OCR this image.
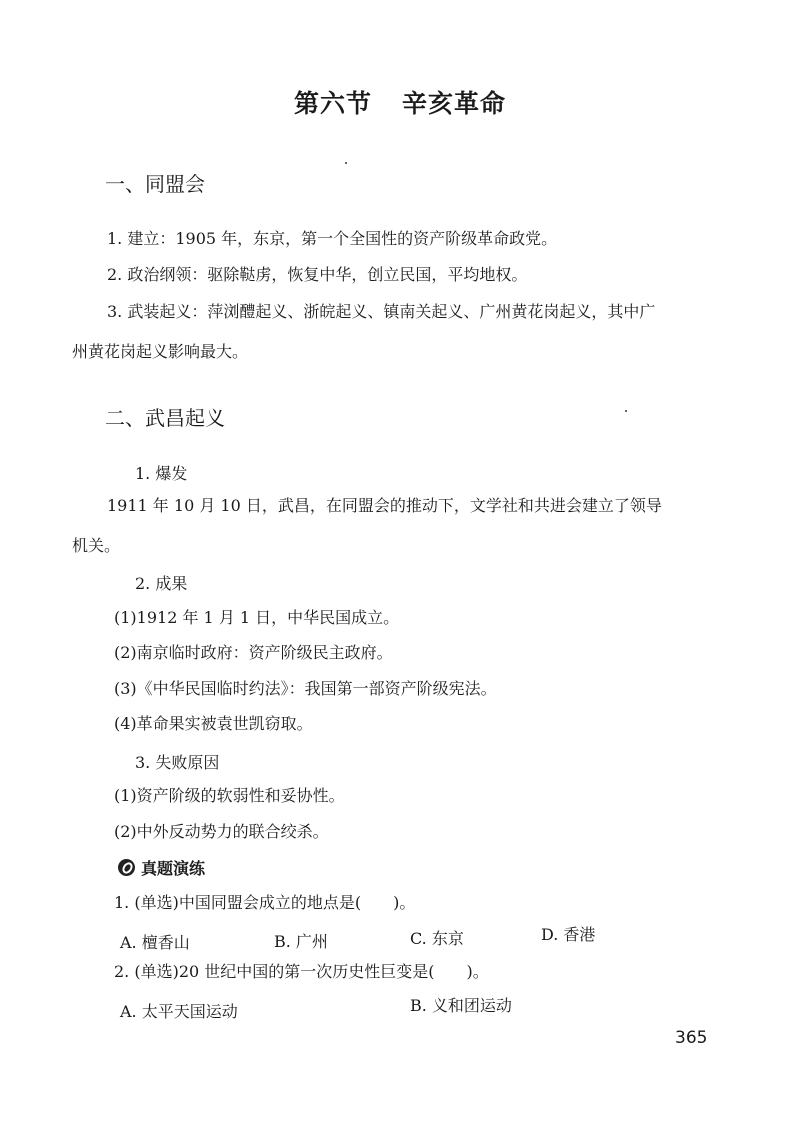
第六节 辛亥革命
一、同盟会

1. 建立：1905 年，东京，第一个全国性的资产阶级革命政党。

2. 政治纲领：驱除鞑虏，恢复中华，创立民国，平均地权。

3. 武装起义：萍浏醴起义、浙皖起义、镇南关起义、广州黄花岗起义，其中广

州黄花岗起义影响最大。

二、武昌起义

1. 爆发

1911 年 10 月 10 日，武昌，在同盟会的推动下，文学社和共进会建立了领导

机关。

2. 成果

(1)1912 年 1 月 1 日，中华民国成立。

(2)南京临时政府：资产阶级民主政府。

(3)《中华民国临时约法》：我国第一部资产阶级宪法。

(4)革命果实被袁世凯窃取。

3. 失败原因

(1)资产阶级的软弱性和妥协性。

(2)中外反动势力的联合绞杀。

真题演练

1. (单选)中国同盟会成立的地点是(　　)。

A. 檀香山	B. 广州	C. 东京	D. 香港

2. (单选)20 世纪中国的第一次历史性巨变是(　　)。

A. 太平天国运动	B. 义和团运动

365
